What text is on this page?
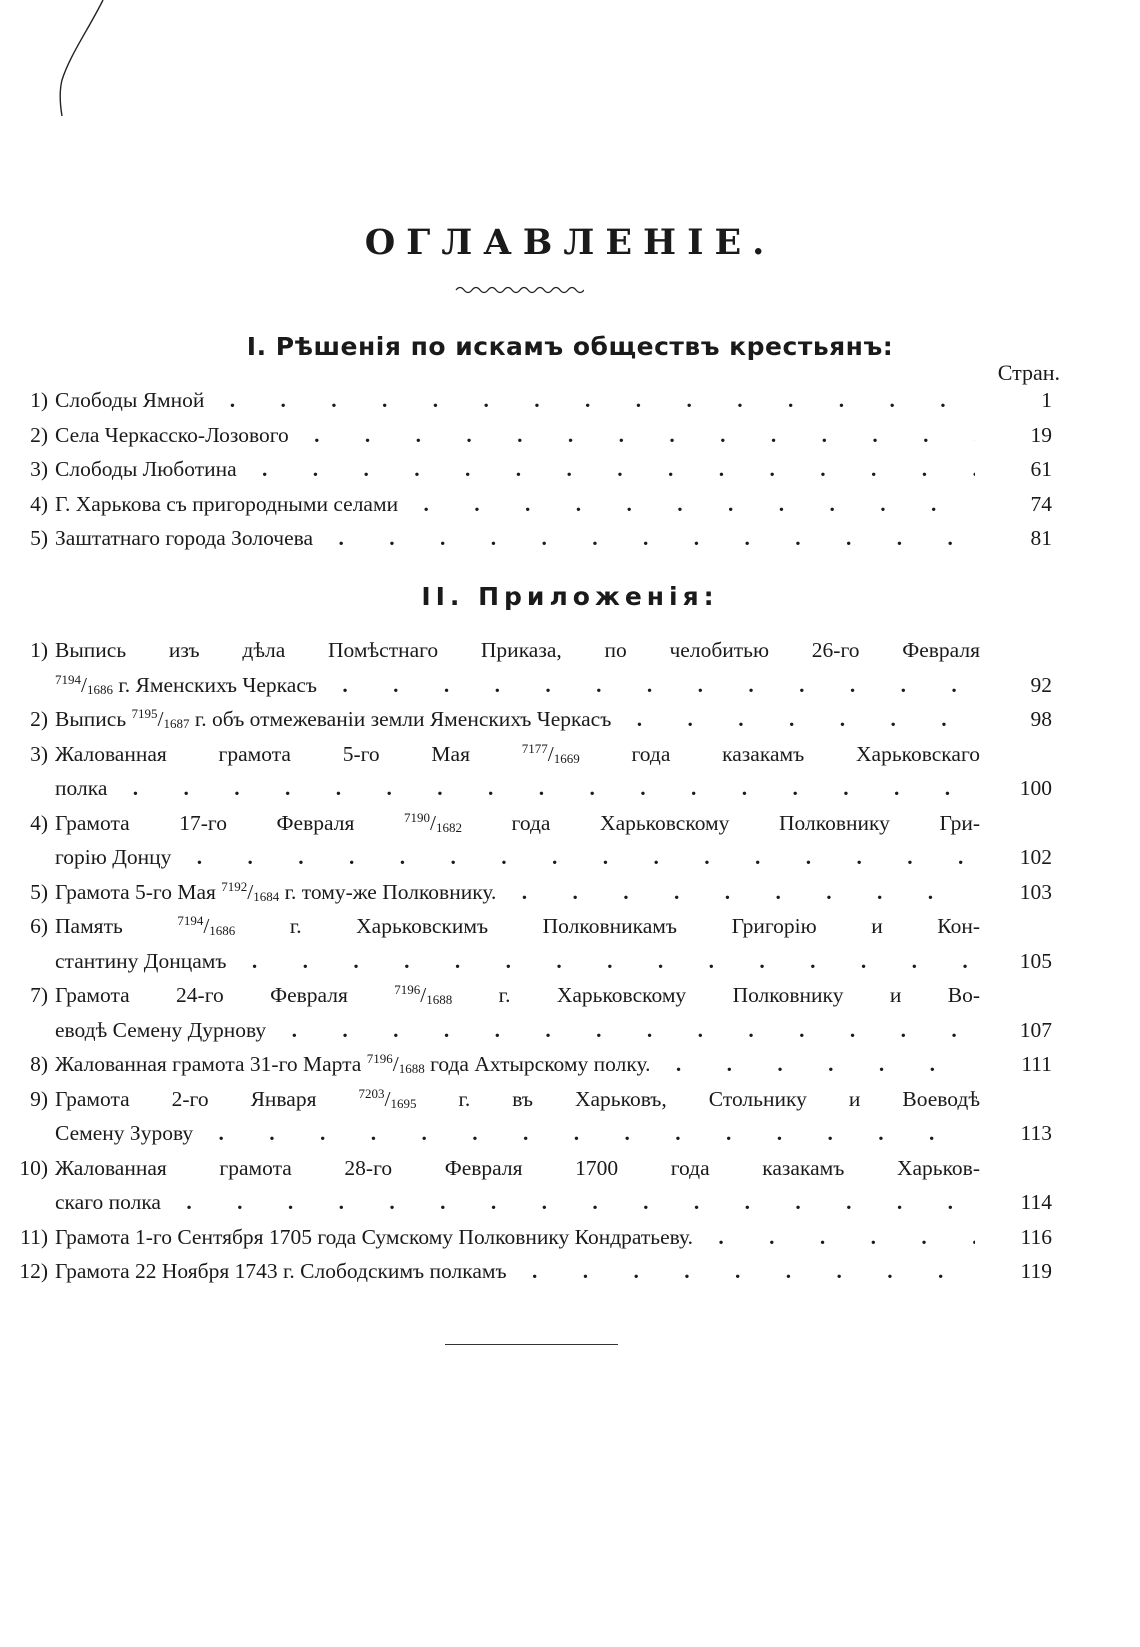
ОГЛАВЛЕНIЕ.
I. Рѣшенія по искамъ обществъ крестьянъ:
Стран.
1) Слободы Ямной . . .	1
2) Села Черкасско-Лозового . . .	19
3) Слободы Люботина . . .	61
4) Г. Харькова съ пригородными селами . . .	74
5) Заштатнаго города Золочева . . .	81
II. Приложенія:
1) Выпись изъ дѣла Помѣстнаго Приказа, по челобитью 26-го Февраля
$^{7194}/_{1686}$ г. Яменскихъ Черкасъ . . .	92
2) Выпись $^{7195}/_{1687}$ г. объ отмежеваніи земли Яменскихъ Черкасъ . . .	98
3) Жалованная грамота 5-го Мая $^{7177}/_{1669}$ года казакамъ Харьковскаго
полка . . .	100
4) Грамота 17-го Февраля $^{7190}/_{1682}$ года Харьковскому Полковнику Гри-
горію Донцу . . .	102
5) Грамота 5-го Мая $^{7192}/_{1684}$ г. тому-же Полковнику. . . .	103
6) Память $^{7194}/_{1686}$ г. Харьковскимъ Полковникамъ Григорію и Кон-
стантину Донцамъ . . .	105
7) Грамота 24-го Февраля $^{7196}/_{1688}$ г. Харьковскому Полковнику и Во-
еводѣ Семену Дурнову . . .	107
8) Жалованная грамота 31-го Марта $^{7196}/_{1688}$ года Ахтырскому полку. . . .	111
9) Грамота 2-го Января $^{7203}/_{1695}$ г. въ Харьковъ, Стольнику и Воеводѣ
Семену Зурову . . .	113
10) Жалованная грамота 28-го Февраля 1700 года казакамъ Харьков-
скаго полка . . .	114
11) Грамота 1-го Сентября 1705 года Сумскому Полковнику Кондратьеву. . . .	116
12) Грамота 22 Ноября 1743 г. Слободскимъ полкамъ . . .	119
